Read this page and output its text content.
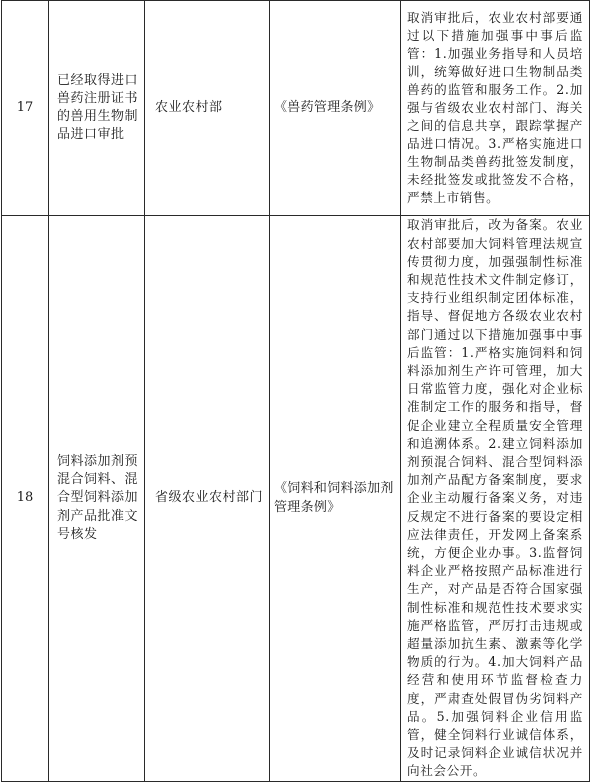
17	已经取得进口兽药注册证书的兽用生物制品进口审批	农业农村部	《兽药管理条例》	取消审批后，农业农村部要通过以下措施加强事中事后监管：1.加强业务指导和人员培训，统筹做好进口生物制品类兽药的监管和服务工作。2.加强与省级农业农村部门、海关之间的信息共享，跟踪掌握产品进口情况。3.严格实施进口生物制品类兽药批签发制度，未经批签发或批签发不合格，严禁上市销售。
18	饲料添加剂预混合饲料、混合型饲料添加剂产品批准文号核发	省级农业农村部门	《饲料和饲料添加剂管理条例》	取消审批后，改为备案。农业农村部要加大饲料管理法规宣传贯彻力度，加强强制性标准和规范性技术文件制定修订，支持行业组织制定团体标准，指导、督促地方各级农业农村部门通过以下措施加强事中事后监管：1.严格实施饲料和饲料添加剂生产许可管理，加大日常监管力度，强化对企业标准制定工作的服务和指导，督促企业建立全程质量安全管理和追溯体系。2.建立饲料添加剂预混合饲料、混合型饲料添加剂产品配方备案制度，要求企业主动履行备案义务，对违反规定不进行备案的要设定相应法律责任，开发网上备案系统，方便企业办事。3.监督饲料企业严格按照产品标准进行生产，对产品是否符合国家强制性标准和规范性技术要求实施严格监管，严厉打击违规或超量添加抗生素、激素等化学物质的行为。4.加大饲料产品经营和使用环节监督检查力度，严肃查处假冒伪劣饲料产品。5.加强饲料企业信用监管，健全饲料行业诚信体系，及时记录饲料企业诚信状况并向社会公开。
